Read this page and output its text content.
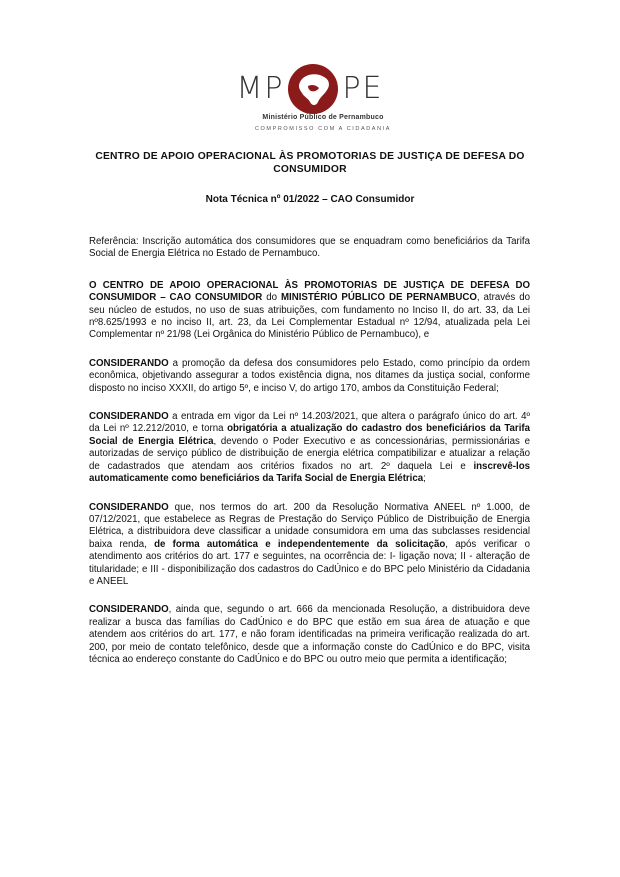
MP PE
Ministério Público de Pernambuco
COMPROMISSO COM A CIDADANIA
CENTRO DE APOIO OPERACIONAL ÀS PROMOTORIAS DE JUSTIÇA DE DEFESA DO CONSUMIDOR
Nota Técnica nº 01/2022 – CAO Consumidor

Referência: Inscrição automática dos consumidores que se enquadram como beneficiários da Tarifa Social de Energia Elétrica no Estado de Pernambuco.

O CENTRO DE APOIO OPERACIONAL ÀS PROMOTORIAS DE JUSTIÇA DE DEFESA DO CONSUMIDOR – CAO CONSUMIDOR do MINISTÉRIO PÚBLICO DE PERNAMBUCO, através do seu núcleo de estudos, no uso de suas atribuições, com fundamento no Inciso II, do art. 33, da Lei nº8.625/1993 e no inciso II, art. 23, da Lei Complementar Estadual nº 12/94, atualizada pela Lei Complementar nº 21/98 (Lei Orgânica do Ministério Público de Pernambuco), e

CONSIDERANDO a promoção da defesa dos consumidores pelo Estado, como princípio da ordem econômica, objetivando assegurar a todos existência digna, nos ditames da justiça social, conforme disposto no inciso XXXII, do artigo 5º, e inciso V, do artigo 170, ambos da Constituição Federal;

CONSIDERANDO a entrada em vigor da Lei nº 14.203/2021, que altera o parágrafo único do art. 4º da Lei nº 12.212/2010, e torna obrigatória a atualização do cadastro dos beneficiários da Tarifa Social de Energia Elétrica, devendo o Poder Executivo e as concessionárias, permissionárias e autorizadas de serviço público de distribuição de energia elétrica compatibilizar e atualizar a relação de cadastrados que atendam aos critérios fixados no art. 2º daquela Lei e inscrevê-los automaticamente como beneficiários da Tarifa Social de Energia Elétrica;

CONSIDERANDO que, nos termos do art. 200 da Resolução Normativa ANEEL nº 1.000, de 07/12/2021, que estabelece as Regras de Prestação do Serviço Público de Distribuição de Energia Elétrica, a distribuidora deve classificar a unidade consumidora em uma das subclasses residencial baixa renda, de forma automática e independentemente da solicitação, após verificar o atendimento aos critérios do art. 177 e seguintes, na ocorrência de: I- ligação nova; II - alteração de titularidade; e III - disponibilização dos cadastros do CadÚnico e do BPC pelo Ministério da Cidadania e ANEEL

CONSIDERANDO, ainda que, segundo o art. 666 da mencionada Resolução, a distribuidora deve realizar a busca das famílias do CadÚnico e do BPC que estão em sua área de atuação e que atendem aos critérios do art. 177, e não foram identificadas na primeira verificação realizada do art. 200, por meio de contato telefônico, desde que a informação conste do CadÚnico e do BPC, visita técnica ao endereço constante do CadÚnico e do BPC ou outro meio que permita a identificação;
